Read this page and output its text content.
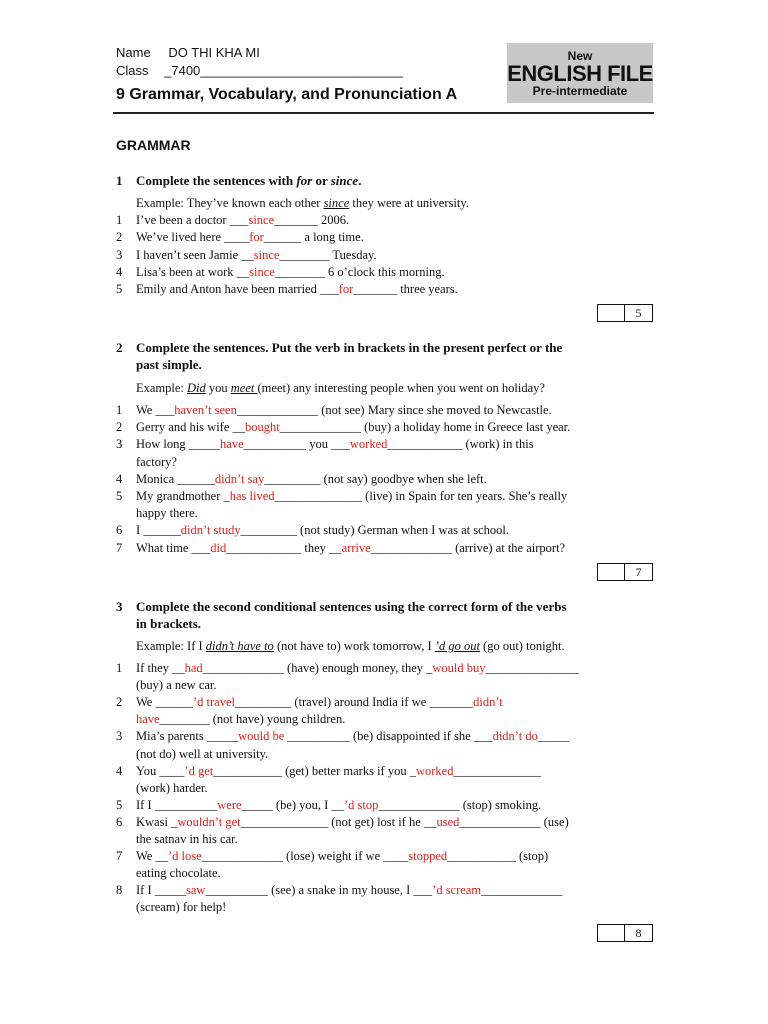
Name DO THI KHA MI
Class _7400____________________________
9 Grammar, Vocabulary, and Pronunciation A
New
ENGLISH FILE
Pre-intermediate
GRAMMAR
1 Complete the sentences with for or since.
Example: They’ve known each other since they were at university.
1 I’ve been a doctor ___since_______ 2006.
2 We’ve lived here ____for______ a long time.
3 I haven’t seen Jamie __since________ Tuesday.
4 Lisa’s been at work __since________ 6 o’clock this morning.
5 Emily and Anton have been married ___for_______ three years.
5
2 Complete the sentences. Put the verb in brackets in the present perfect or the
past simple.
Example: Did you meet (meet) any interesting people when you went on holiday?
1 We ___haven’t seen_____________ (not see) Mary since she moved to Newcastle.
2 Gerry and his wife __bought_____________ (buy) a holiday home in Greece last year.
3 How long _____have__________ you ___worked____________ (work) in this
factory?
4 Monica ______didn’t say_________ (not say) goodbye when she left.
5 My grandmother _has lived______________ (live) in Spain for ten years. She’s really
happy there.
6 I ______didn’t study_________ (not study) German when I was at school.
7 What time ___did____________ they __arrive_____________ (arrive) at the airport?
7
3 Complete the second conditional sentences using the correct form of the verbs
in brackets.
Example: If I didn’t have to (not have to) work tomorrow, I ’d go out (go out) tonight.
1 If they __had_____________ (have) enough money, they _would buy_______________
(buy) a new car.
2 We ______’d travel_________ (travel) around India if we _______didn’t
have________ (not have) young children.
3 Mia’s parents _____would be __________ (be) disappointed if she ___didn’t do_____
(not do) well at university.
4 You ____’d get___________ (get) better marks if you _worked______________
(work) harder.
5 If I __________were_____ (be) you, I __’d stop_____________ (stop) smoking.
6 Kwasi _wouldn’t get______________ (not get) lost if he __used_____________ (use)
the satnav in his car.
7 We __’d lose_____________ (lose) weight if we ____stopped___________ (stop)
eating chocolate.
8 If I _____saw__________ (see) a snake in my house, I ___’d scream_____________
(scream) for help!
8
